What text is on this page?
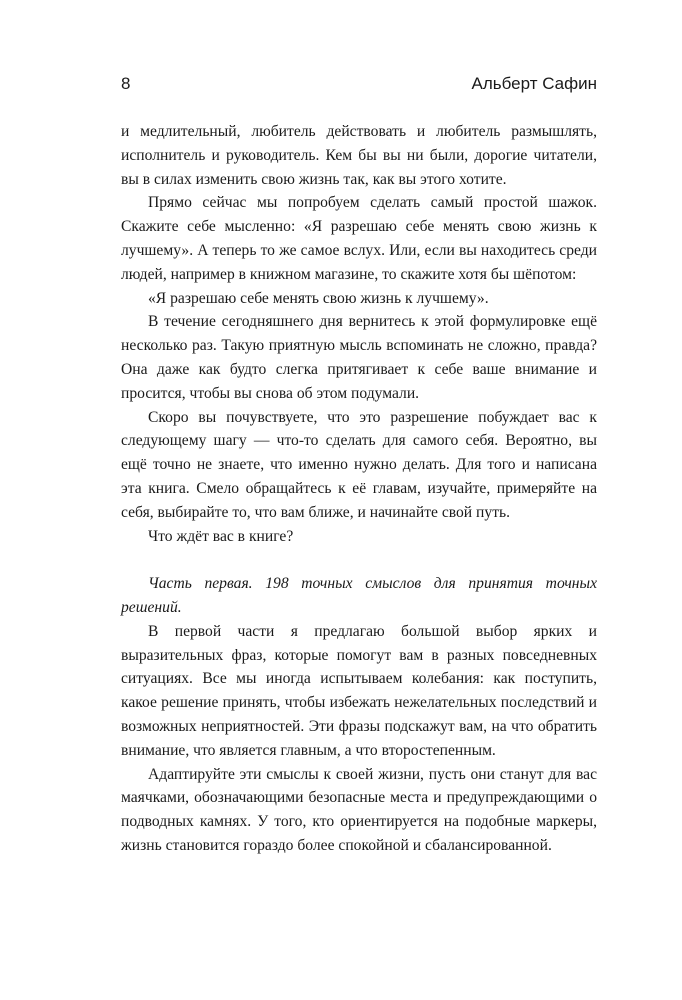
8	Альберт Сафин

и медлительный, любитель действовать и любитель размышлять, исполнитель и руководитель. Кем бы вы ни были, дорогие читатели, вы в силах изменить свою жизнь так, как вы этого хотите.

Прямо сейчас мы попробуем сделать самый простой шажок. Скажите себе мысленно: «Я разрешаю себе менять свою жизнь к лучшему». А теперь то же самое вслух. Или, если вы находитесь среди людей, например в книжном магазине, то скажите хотя бы шёпотом:

«Я разрешаю себе менять свою жизнь к лучшему».

В течение сегодняшнего дня вернитесь к этой формулировке ещё несколько раз. Такую приятную мысль вспоминать не сложно, правда? Она даже как будто слегка притягивает к себе ваше внимание и просится, чтобы вы снова об этом подумали.

Скоро вы почувствуете, что это разрешение побуждает вас к следующему шагу — что-то сделать для самого себя. Вероятно, вы ещё точно не знаете, что именно нужно делать. Для того и написана эта книга. Смело обращайтесь к её главам, изучайте, примеряйте на себя, выбирайте то, что вам ближе, и начинайте свой путь.

Что ждёт вас в книге?

Часть первая. 198 точных смыслов для принятия точных решений.

В первой части я предлагаю большой выбор ярких и выразительных фраз, которые помогут вам в разных повседневных ситуациях. Все мы иногда испытываем колебания: как поступить, какое решение принять, чтобы избежать нежелательных последствий и возможных неприятностей. Эти фразы подскажут вам, на что обратить внимание, что является главным, а что второстепенным.

Адаптируйте эти смыслы к своей жизни, пусть они станут для вас маячками, обозначающими безопасные места и предупреждающими о подводных камнях. У того, кто ориентируется на подобные маркеры, жизнь становится гораздо более спокойной и сбалансированной.
